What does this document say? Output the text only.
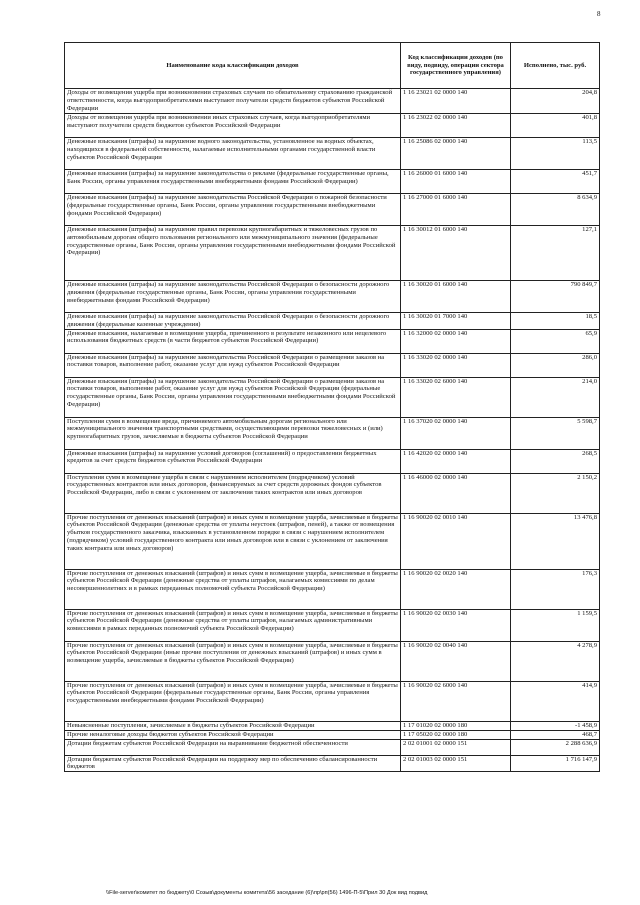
8
Наименование кода классификации доходов	Код классификации доходов (по виду, подвиду, операции сектора государственного управления)	Исполнено, тыс. руб.
Доходы от возмещения ущерба при возникновении страховых случаев по обязательному страхованию гражданской ответственности, когда выгодоприобретателями выступают получатели средств бюджетов субъектов Российской Федерации	1 16 23021 02 0000 140	204,8
Доходы от возмещения ущерба при возникновении иных страховых случаев, когда выгодоприобретателями выступают получатели средств бюджетов субъектов Российской Федерации	1 16 23022 02 0000 140	401,8
Денежные взыскания (штрафы) за нарушение водного законодательства, установленное на водных объектах, находящихся в федеральной собственности, налагаемые исполнительными органами государственной власти субъектов Российской Федерации	1 16 25086 02 0000 140	113,5
Денежные взыскания (штрафы) за нарушение законодательства о рекламе (федеральные государственные органы, Банк России, органы управления государственными внебюджетными фондами Российской Федерации)	1 16 26000 01 6000 140	451,7
Денежные взыскания (штрафы) за нарушение законодательства Российской Федерации о пожарной безопасности (федеральные государственные органы, Банк России, органы управления государственными внебюджетными фондами Российской Федерации)	1 16 27000 01 6000 140	8 634,9
Денежные взыскания (штрафы) за нарушение правил перевозки крупногабаритных и тяжеловесных грузов по автомобильным дорогам общего пользования регионального или межмуниципального значения (федеральные государственные органы, Банк России, органы управления государственными внебюджетными фондами Российской Федерации)	1 16 30012 01 6000 140	127,1
Денежные взыскания (штрафы) за нарушение законодательства Российской Федерации о безопасности дорожного движения (федеральные государственные органы, Банк России, органы управления государственными внебюджетными фондами Российской Федерации)	1 16 30020 01 6000 140	790 849,7
Денежные взыскания (штрафы) за нарушение законодательства Российской Федерации о безопасности дорожного движения (федеральные казенные учреждения)	1 16 30020 01 7000 140	18,5
Денежные взыскания, налагаемые в возмещение ущерба, причиненного в результате незаконного или нецелевого использования бюджетных средств (в части бюджетов субъектов Российской Федерации)	1 16 32000 02 0000 140	65,9
Денежные взыскания (штрафы) за нарушение законодательства Российской Федерации о размещении заказов на поставки товаров, выполнение работ, оказание услуг для нужд субъектов Российской Федерации	1 16 33020 02 0000 140	286,0
Денежные взыскания (штрафы) за нарушение законодательства Российской Федерации о размещении заказов на поставки товаров, выполнение работ, оказание услуг для нужд субъектов Российской Федерации (федеральные государственные органы, Банк России, органы управления государственными внебюджетными фондами Российской Федерации)	1 16 33020 02 6000 140	214,0
Поступления сумм в возмещение вреда, причиняемого автомобильным дорогам регионального или межмуниципального значения транспортными средствами, осуществляющими перевозки тяжеловесных и (или) крупногабаритных грузов, зачисляемые в бюджеты субъектов Российской Федерации	1 16 37020 02 0000 140	5 598,7
Денежные взыскания (штрафы) за нарушение условий договоров (соглашений) о предоставлении бюджетных кредитов за счет средств бюджетов субъектов Российской Федерации	1 16 42020 02 0000 140	268,5
Поступления сумм в возмещение ущерба в связи с нарушением исполнителем (подрядчиком) условий государственных контрактов или иных договоров, финансируемых за счет средств дорожных фондов субъектов Российской Федерации, либо в связи с уклонением от заключения таких контрактов или иных договоров	1 16 46000 02 0000 140	2 150,2
Прочие поступления от денежных взысканий (штрафов) и иных сумм в возмещение ущерба, зачисляемые в бюджеты субъектов Российской Федерации (денежные средства от уплаты неустоек (штрафов, пеней), а также от возмещения убытков государственного заказчика, взысканных в установленном порядке в связи с нарушением исполнителем (подрядчиком) условий государственного контракта или иных договоров или в связи с уклонением от заключения таких контракта или иных договоров)	1 16 90020 02 0010 140	13 476,8
Прочие поступления от денежных взысканий (штрафов) и иных сумм в возмещение ущерба, зачисляемые в бюджеты субъектов Российской Федерации (денежные средства от уплаты штрафов, налагаемых комиссиями по делам несовершеннолетних и в рамках переданных полномочий субъекта Российской Федерации)	1 16 90020 02 0020 140	176,3
Прочие поступления от денежных взысканий (штрафов) и иных сумм в возмещение ущерба, зачисляемые в бюджеты субъектов Российской Федерации (денежные средства от уплаты штрафов, налагаемых административными комиссиями в рамках переданных полномочий субъекта Российской Федерации)	1 16 90020 02 0030 140	1 159,5
Прочие поступления от денежных взысканий (штрафов) и иных сумм в возмещение ущерба, зачисляемые в бюджеты субъектов Российской Федерации (иные прочие поступления от денежных взысканий (штрафов) и иных сумм в возмещение ущерба, зачисляемые в бюджеты субъектов Российской Федерации)	1 16 90020 02 0040 140	4 278,9
Прочие поступления от денежных взысканий (штрафов) и иных сумм в возмещение ущерба, зачисляемые в бюджеты субъектов Российской Федерации (федеральные государственные органы, Банк России, органы управления государственными внебюджетными фондами Российской Федерации)	1 16 90020 02 6000 140	414,9
Невыясненные поступления, зачисляемые в бюджеты субъектов Российской Федерации	1 17 01020 02 0000 180	-1 458,9
Прочие неналоговые доходы бюджетов субъектов Российской Федерации	1 17 05020 02 0000 180	468,7
Дотации бюджетам субъектов Российской Федерации на выравнивание бюджетной обеспеченности	2 02 01001 02 0000 151	2 288 636,9
Дотации бюджетам субъектов Российской Федерации на поддержку мер по обеспечению сбалансированности бюджетов	2 02 01003 02 0000 151	1 716 147,9
\\File-server\комитет по бюджету\0 Созыв\документы комитета\56 заседание (6)\пр\рп(56) 1496-П-5\Прил 30 Док вид подвид
